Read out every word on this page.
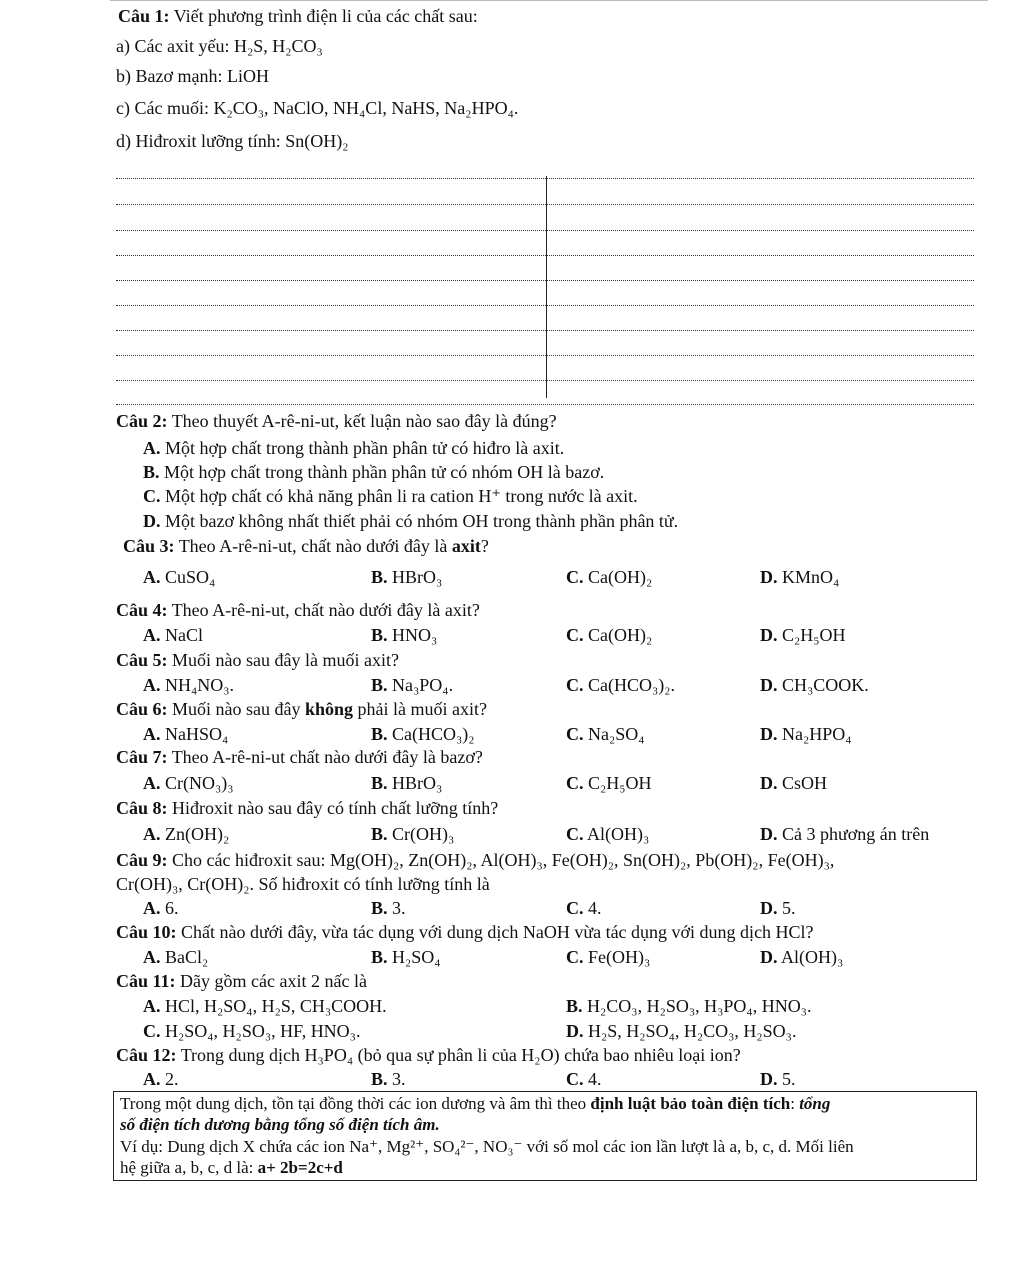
Câu 1: Viết phương trình điện li của các chất sau:
a) Các axit yếu: H₂S, H₂CO₃
b) Bazơ mạnh: LiOH
c) Các muối: K₂CO₃, NaClO, NH₄Cl, NaHS, Na₂HPO₄.
d) Hiđroxit lưỡng tính: Sn(OH)₂
Câu 2: Theo thuyết A-rê-ni-ut, kết luận nào sao đây là đúng?
A. Một hợp chất trong thành phần phân tử có hiđro là axit.
B. Một hợp chất trong thành phần phân tử có nhóm OH là bazơ.
C. Một hợp chất có khả năng phân li ra cation H⁺ trong nước là axit.
D. Một bazơ không nhất thiết phải có nhóm OH trong thành phần phân tử.
Câu 3: Theo A-rê-ni-ut, chất nào dưới đây là axit?
A. CuSO₄	B. HBrO₃	C. Ca(OH)₂	D. KMnO₄
Câu 4: Theo A-rê-ni-ut, chất nào dưới đây là axit?
A. NaCl	B. HNO₃	C. Ca(OH)₂	D. C₂H₅OH
Câu 5: Muối nào sau đây là muối axit?
A. NH₄NO₃.	B. Na₃PO₄.	C. Ca(HCO₃)₂.	D. CH₃COOK.
Câu 6: Muối nào sau đây không phải là muối axit?
A. NaHSO₄	B. Ca(HCO₃)₂	C. Na₂SO₄	D. Na₂HPO₄
Câu 7: Theo A-rê-ni-ut chất nào dưới đây là bazơ?
A. Cr(NO₃)₃	B. HBrO₃	C. C₂H₅OH	D. CsOH
Câu 8: Hiđroxit nào sau đây có tính chất lưỡng tính?
A. Zn(OH)₂	B. Cr(OH)₃	C. Al(OH)₃	D. Cả 3 phương án trên
Câu 9: Cho các hiđroxit sau: Mg(OH)₂, Zn(OH)₂, Al(OH)₃, Fe(OH)₂, Sn(OH)₂, Pb(OH)₂, Fe(OH)₃,
Cr(OH)₃, Cr(OH)₂. Số hiđroxit có tính lưỡng tính là
A. 6.	B. 3.	C. 4.	D. 5.
Câu 10: Chất nào dưới đây, vừa tác dụng với dung dịch NaOH vừa tác dụng với dung dịch HCl?
A. BaCl₂	B. H₂SO₄	C. Fe(OH)₃	D. Al(OH)₃
Câu 11: Dãy gồm các axit 2 nấc là
A. HCl, H₂SO₄, H₂S, CH₃COOH.	B. H₂CO₃, H₂SO₃, H₃PO₄, HNO₃.
C. H₂SO₄, H₂SO₃, HF, HNO₃.	D. H₂S, H₂SO₄, H₂CO₃, H₂SO₃.
Câu 12: Trong dung dịch H₃PO₄ (bỏ qua sự phân li của H₂O) chứa bao nhiêu loại ion?
A. 2.	B. 3.	C. 4.	D. 5.
Trong một dung dịch, tồn tại đồng thời các ion dương và âm thì theo định luật bảo toàn điện tích: tổng
số điện tích dương bằng tổng số điện tích âm.
Ví dụ: Dung dịch X chứa các ion Na⁺, Mg²⁺, SO₄²⁻, NO₃⁻ với số mol các ion lần lượt là a, b, c, d. Mối liên
hệ giữa a, b, c, d là: a+ 2b=2c+d
